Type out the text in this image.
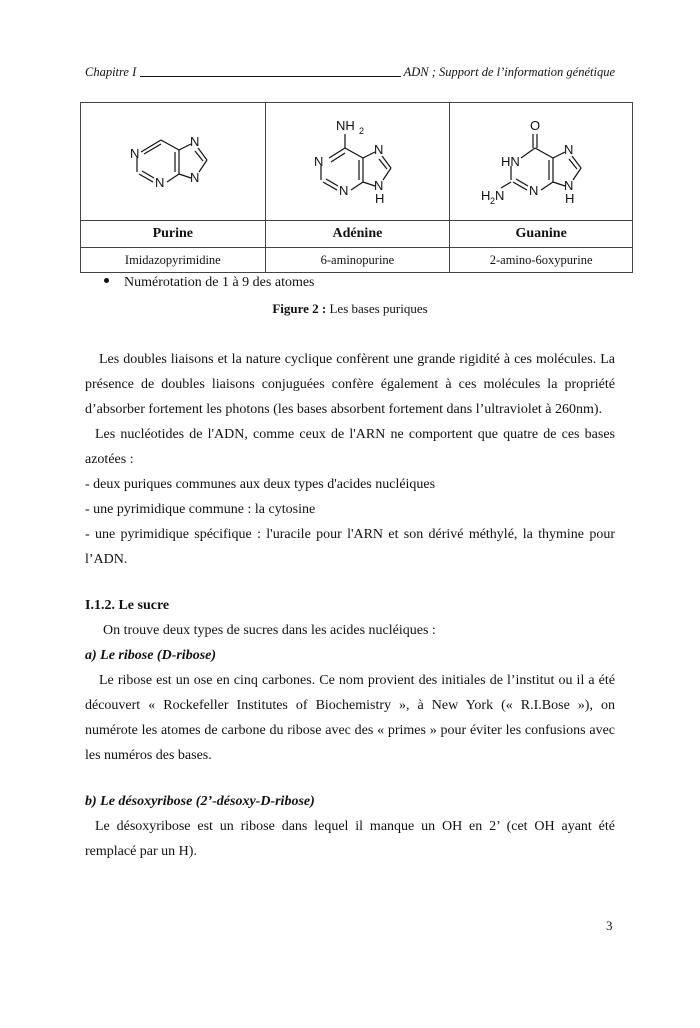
Chapitre I	ADN ; Support de l’information génétique
N
N
N
N

NH 2
N
N
N
N
H

O
HN
H 2 N N
N
N
H

Purine	Adénine	Guanine
Imidazopyrimidine	6-aminopurine	2-amino-6oxypurine
Numérotation de 1 à 9 des atomes
Figure 2 : Les bases puriques
Les doubles liaisons et la nature cyclique confèrent une grande rigidité à ces molécules. La
présence de doubles liaisons conjuguées confère également à ces molécules la propriété
d’absorber fortement les photons (les bases absorbent fortement dans l’ultraviolet à 260nm).
Les nucléotides de l'ADN, comme ceux de l'ARN ne comportent que quatre de ces bases
azotées :
- deux puriques communes aux deux types d'acides nucléiques
- une pyrimidique commune : la cytosine
- une pyrimidique spécifique : l'uracile pour l'ARN et son dérivé méthylé, la thymine pour
l’ADN.
I.1.2. Le sucre
On trouve deux types de sucres dans les acides nucléiques :
a) Le ribose (D-ribose)
Le ribose est un ose en cinq carbones. Ce nom provient des initiales de l’institut ou il a été
découvert « Rockefeller Institutes of Biochemistry », à New York (« R.I.Bose »), on
numérote les atomes de carbone du ribose avec des « primes » pour éviter les confusions avec
les numéros des bases.
b) Le désoxyribose (2’-désoxy-D-ribose)
Le désoxyribose est un ribose dans lequel il manque un OH en 2’ (cet OH ayant été
remplacé par un H).
3
